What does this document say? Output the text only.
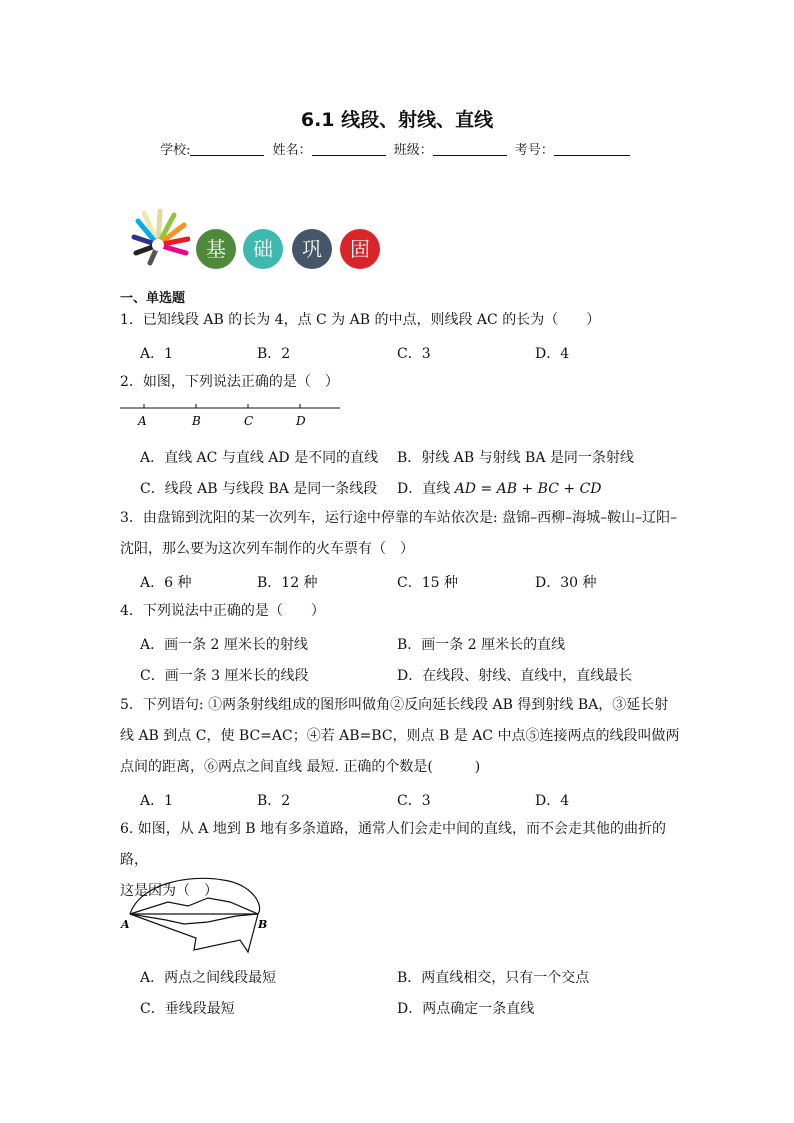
6.1 线段、射线、直线
学校:	姓名：	班级：	考号：
基	础	巩	固
一、单选题
1．已知线段 AB 的长为 4，点 C 为 AB 的中点，则线段 AC 的长为（　　）
A．1	B．2	C．3	D．4
2．如图，下列说法正确的是（　）
A	B	C	D
A．直线 AC 与直线 AD 是不同的直线 B．射线 AB 与射线 BA 是同一条射线
C．线段 AB 与线段 BA 是同一条线段 D．直线 AD = AB + BC + CD
3．由盘锦到沈阳的某一次列车，运行途中停靠的车站依次是: 盘锦–西柳–海城–鞍山–辽阳–
沈阳，那么要为这次列车制作的火车票有（　）
A．6 种	B．12 种	C．15 种	D．30 种
4．下列说法中正确的是（　　）
A．画一条 2 厘米长的射线	B．画一条 2 厘米长的直线
C．画一条 3 厘米长的线段	D．在线段、射线、直线中，直线最长
5．下列语句: ①两条射线组成的图形叫做角②反向延长线段 AB 得到射线 BA，③延长射
线 AB 到点 C，使 BC=AC；④若 AB=BC，则点 B 是 AC 中点⑤连接两点的线段叫做两
点间的距离，⑥两点之间直线 最短. 正确的个数是(　　　)
A．1	B．2	C．3	D．4
6. 如图，从 A 地到 B 地有多条道路，通常人们会走中间的直线，而不会走其他的曲折的路，
这是因为（　）
A	B
A．两点之间线段最短	B．两直线相交，只有一个交点
C．垂线段最短	D．两点确定一条直线
